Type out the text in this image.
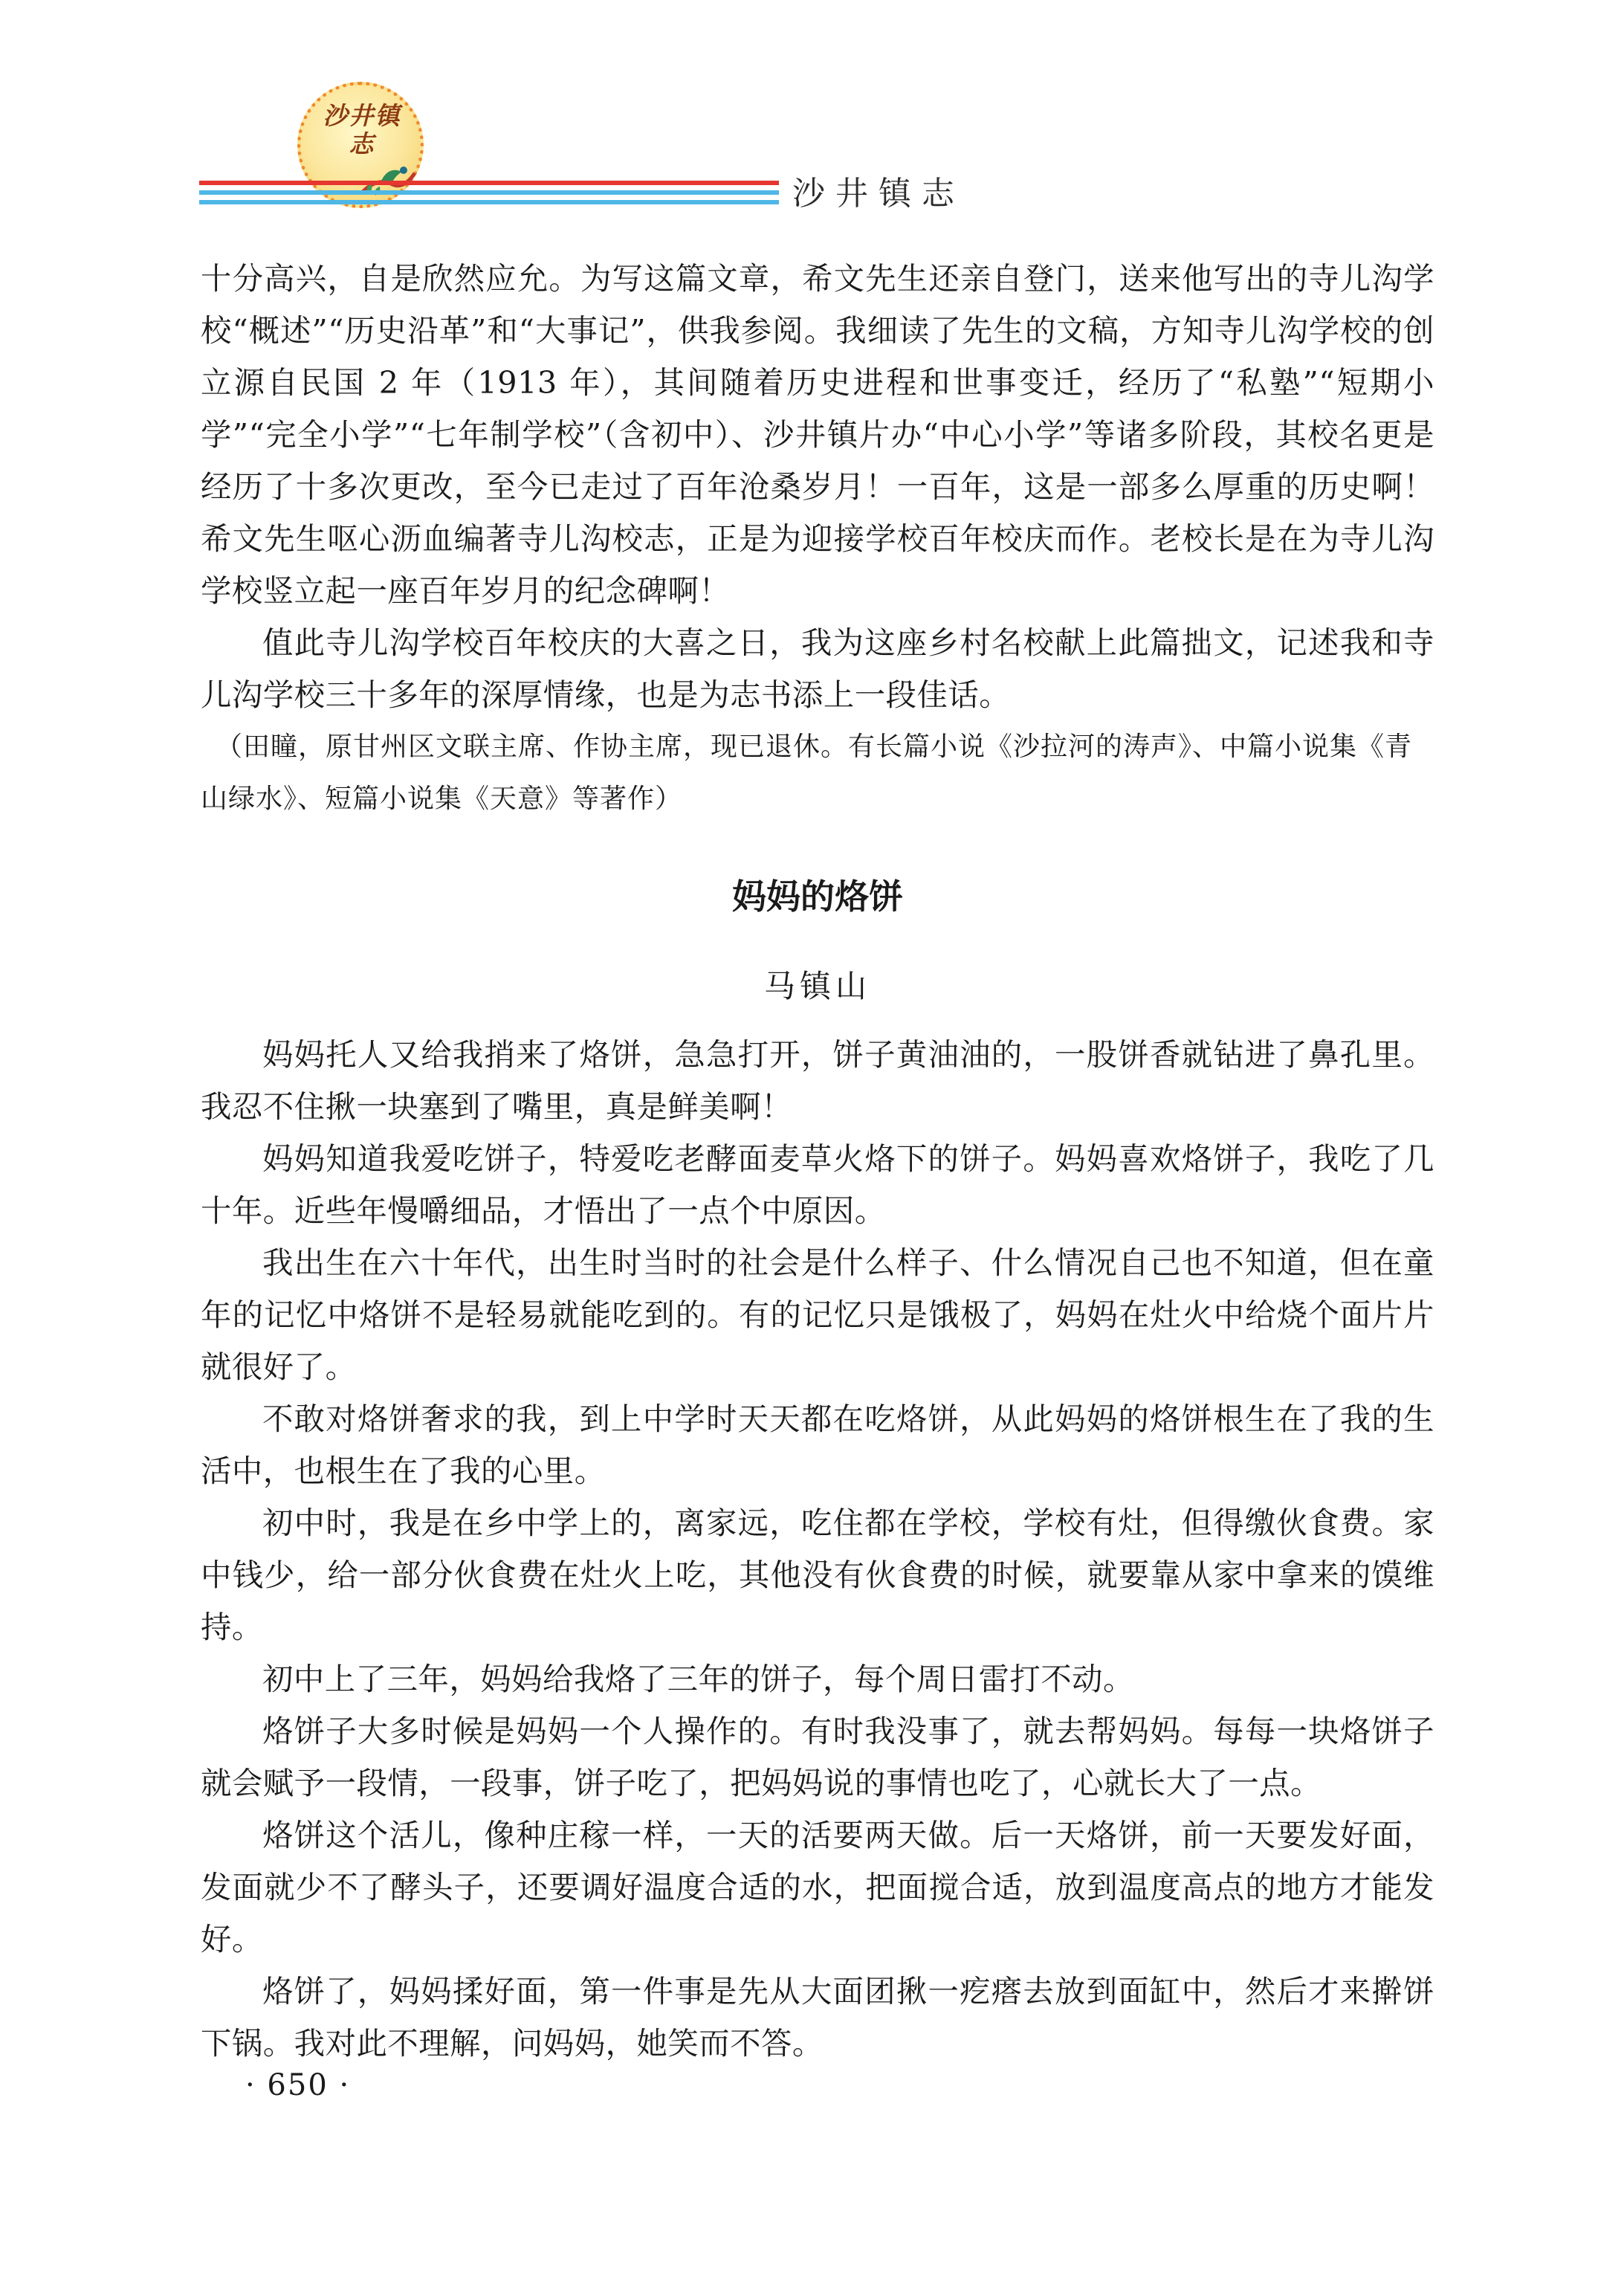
沙井镇志
沙井镇志

十分高兴，自是欣然应允。为写这篇文章，希文先生还亲自登门，送来他写出的寺儿沟学校“概述”“历史沿革”和“大事记”，供我参阅。我细读了先生的文稿，方知寺儿沟学校的创立源自民国 2 年（1913 年），其间随着历史进程和世事变迁，经历了“私塾”“短期小学”“完全小学”“七年制学校”（含初中）、沙井镇片办“中心小学”等诸多阶段，其校名更是经历了十多次更改，至今已走过了百年沧桑岁月！一百年，这是一部多么厚重的历史啊！希文先生呕心沥血编著寺儿沟校志，正是为迎接学校百年校庆而作。老校长是在为寺儿沟学校竖立起一座百年岁月的纪念碑啊！

值此寺儿沟学校百年校庆的大喜之日，我为这座乡村名校献上此篇拙文，记述我和寺儿沟学校三十多年的深厚情缘，也是为志书添上一段佳话。

（田瞳，原甘州区文联主席、作协主席，现已退休。有长篇小说《沙拉河的涛声》、中篇小说集《青山绿水》、短篇小说集《天意》等著作）

妈妈的烙饼

马镇山

妈妈托人又给我捎来了烙饼，急急打开，饼子黄油油的，一股饼香就钻进了鼻孔里。我忍不住揪一块塞到了嘴里，真是鲜美啊！

妈妈知道我爱吃饼子，特爱吃老酵面麦草火烙下的饼子。妈妈喜欢烙饼子，我吃了几十年。近些年慢嚼细品，才悟出了一点个中原因。

我出生在六十年代，出生时当时的社会是什么样子、什么情况自己也不知道，但在童年的记忆中烙饼不是轻易就能吃到的。有的记忆只是饿极了，妈妈在灶火中给烧个面片片就很好了。

不敢对烙饼奢求的我，到上中学时天天都在吃烙饼，从此妈妈的烙饼根生在了我的生活中，也根生在了我的心里。

初中时，我是在乡中学上的，离家远，吃住都在学校，学校有灶，但得缴伙食费。家中钱少，给一部分伙食费在灶火上吃，其他没有伙食费的时候，就要靠从家中拿来的馍维持。

初中上了三年，妈妈给我烙了三年的饼子，每个周日雷打不动。

烙饼子大多时候是妈妈一个人操作的。有时我没事了，就去帮妈妈。每每一块烙饼子就会赋予一段情，一段事，饼子吃了，把妈妈说的事情也吃了，心就长大了一点。

烙饼这个活儿，像种庄稼一样，一天的活要两天做。后一天烙饼，前一天要发好面，发面就少不了酵头子，还要调好温度合适的水，把面搅合适，放到温度高点的地方才能发好。

烙饼了，妈妈揉好面，第一件事是先从大面团揪一疙瘩去放到面缸中，然后才来擀饼下锅。我对此不理解，问妈妈，她笑而不答。

· 650 ·
